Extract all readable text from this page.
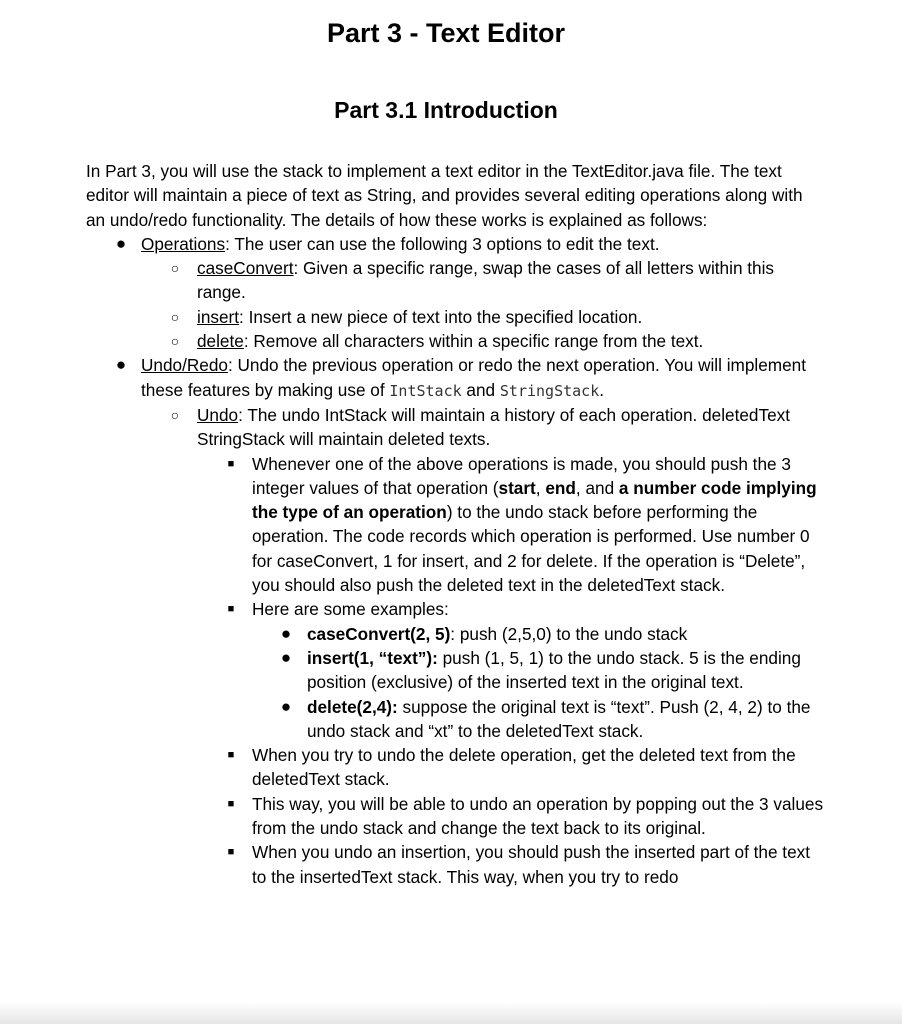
Part 3 - Text Editor
Part 3.1 Introduction

In Part 3, you will use the stack to implement a text editor in the TextEditor.java file. The text editor will maintain a piece of text as String, and provides several editing operations along with an undo/redo functionality. The details of how these works is explained as follows:

● Operations: The user can use the following 3 options to edit the text.
○ caseConvert: Given a specific range, swap the cases of all letters within this range.
○ insert: Insert a new piece of text into the specified location.
○ delete: Remove all characters within a specific range from the text.
● Undo/Redo: Undo the previous operation or redo the next operation. You will implement these features by making use of IntStack and StringStack.
○ Undo: The undo IntStack will maintain a history of each operation. deletedText StringStack will maintain deleted texts.
■ Whenever one of the above operations is made, you should push the 3 integer values of that operation (start, end, and a number code implying the type of an operation) to the undo stack before performing the operation. The code records which operation is performed. Use number 0 for caseConvert, 1 for insert, and 2 for delete. If the operation is “Delete”, you should also push the deleted text in the deletedText stack.
■ Here are some examples:
● caseConvert(2, 5): push (2,5,0) to the undo stack
● insert(1, “text”): push (1, 5, 1) to the undo stack. 5 is the ending position (exclusive) of the inserted text in the original text.
● delete(2,4): suppose the original text is “text”. Push (2, 4, 2) to the undo stack and “xt” to the deletedText stack.
■ When you try to undo the delete operation, get the deleted text from the deletedText stack.
■ This way, you will be able to undo an operation by popping out the 3 values from the undo stack and change the text back to its original.
■ When you undo an insertion, you should push the inserted part of the text to the insertedText stack. This way, when you try to redo
